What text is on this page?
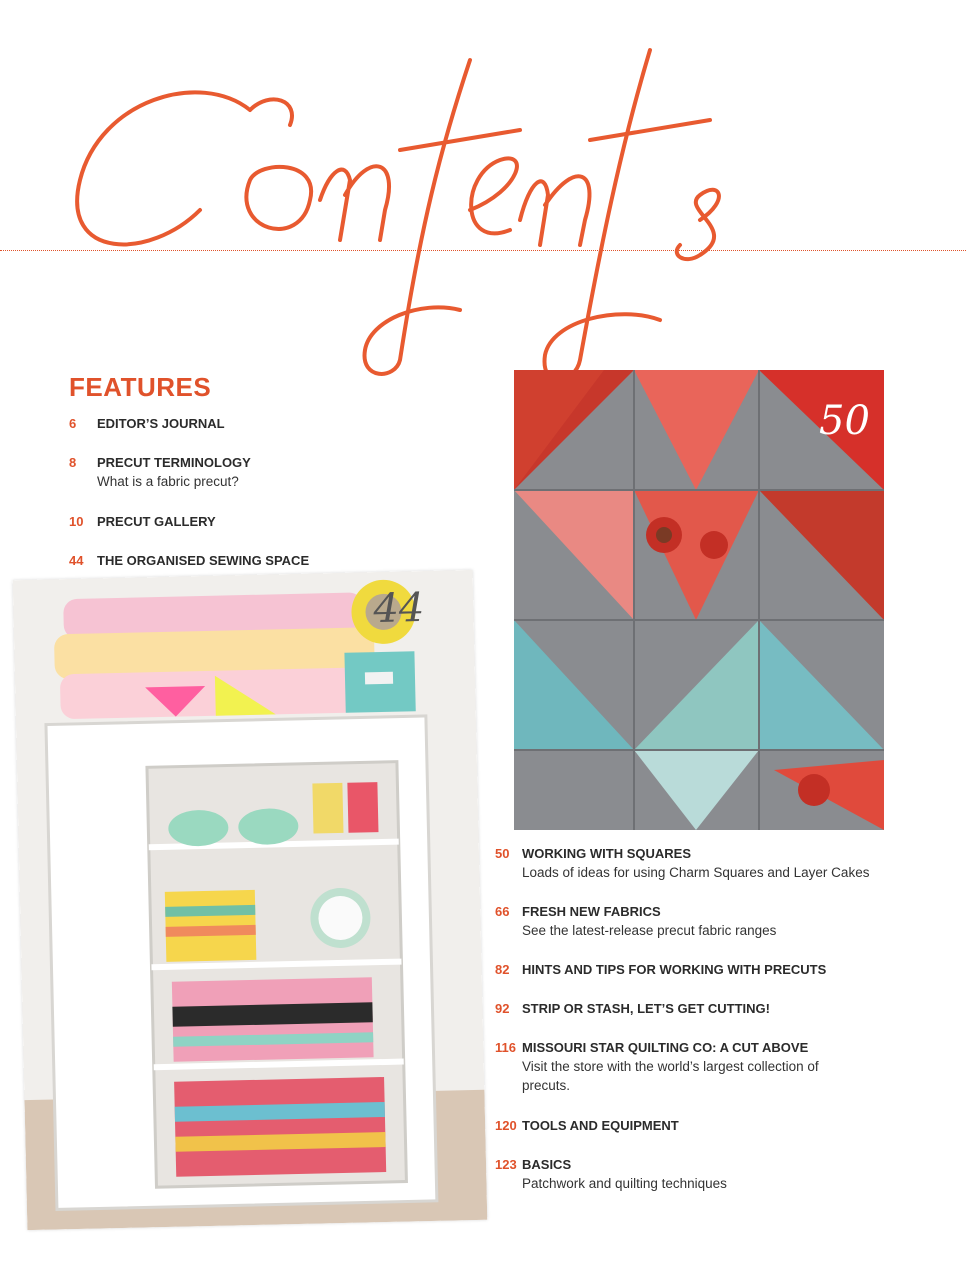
FEATURES
6 EDITOR’S JOURNAL
8 PRECUT TERMINOLOGY
What is a fabric precut?
10 PRECUT GALLERY
44 THE ORGANISED SEWING SPACE
50
44
50 WORKING WITH SQUARES
Loads of ideas for using Charm Squares and Layer Cakes
66 FRESH NEW FABRICS
See the latest-release precut fabric ranges
82 HINTS AND TIPS FOR WORKING WITH PRECUTS
92 STRIP OR STASH, LET’S GET CUTTING!
116 MISSOURI STAR QUILTING CO: A CUT ABOVE
Visit the store with the world’s largest collection of
precuts.
120 TOOLS AND EQUIPMENT
123 BASICS
Patchwork and quilting techniques
